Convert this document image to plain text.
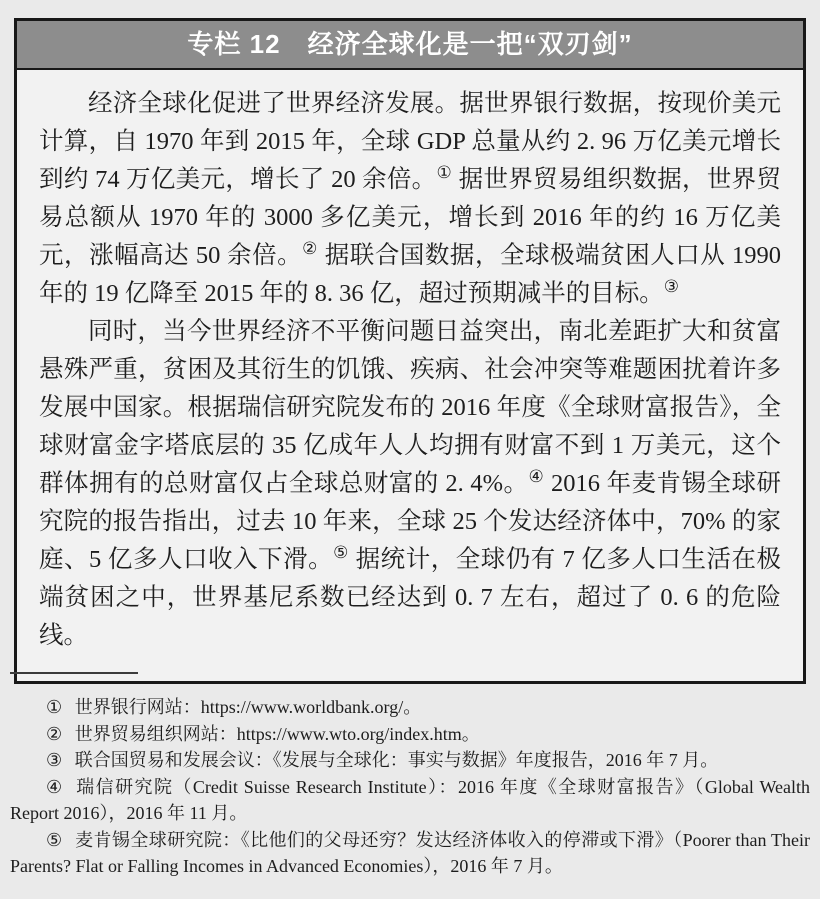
专栏 12　经济全球化是一把“双刃剑”

经济全球化促进了世界经济发展。据世界银行数据，按现价美元计算，自 1970 年到 2015 年，全球 GDP 总量从约 2. 96 万亿美元增长到约 74 万亿美元，增长了 20 余倍。① 据世界贸易组织数据，世界贸易总额从 1970 年的 3000 多亿美元，增长到 2016 年的约 16 万亿美元，涨幅高达 50 余倍。② 据联合国数据，全球极端贫困人口从 1990 年的 19 亿降至 2015 年的 8. 36 亿，超过预期减半的目标。③

同时，当今世界经济不平衡问题日益突出，南北差距扩大和贫富悬殊严重，贫困及其衍生的饥饿、疾病、社会冲突等难题困扰着许多发展中国家。根据瑞信研究院发布的 2016 年度《全球财富报告》，全球财富金字塔底层的 35 亿成年人人均拥有财富不到 1 万美元，这个群体拥有的总财富仅占全球总财富的 2. 4%。④ 2016 年麦肯锡全球研究院的报告指出，过去 10 年来，全球 25 个发达经济体中，70% 的家庭、5 亿多人口收入下滑。⑤ 据统计，全球仍有 7 亿多人口生活在极端贫困之中，世界基尼系数已经达到 0. 7 左右，超过了 0. 6 的危险线。

① 世界银行网站：https://www.worldbank.org/。

② 世界贸易组织网站：https://www.wto.org/index.htm。

③ 联合国贸易和发展会议：《发展与全球化：事实与数据》年度报告，2016 年 7 月。

④ 瑞信研究院（Credit Suisse Research Institute）：2016 年度《全球财富报告》（Global Wealth Report 2016），2016 年 11 月。

⑤ 麦肯锡全球研究院：《比他们的父母还穷？发达经济体收入的停滞或下滑》（Poorer than Their Parents? Flat or Falling Incomes in Advanced Economies），2016 年 7 月。
